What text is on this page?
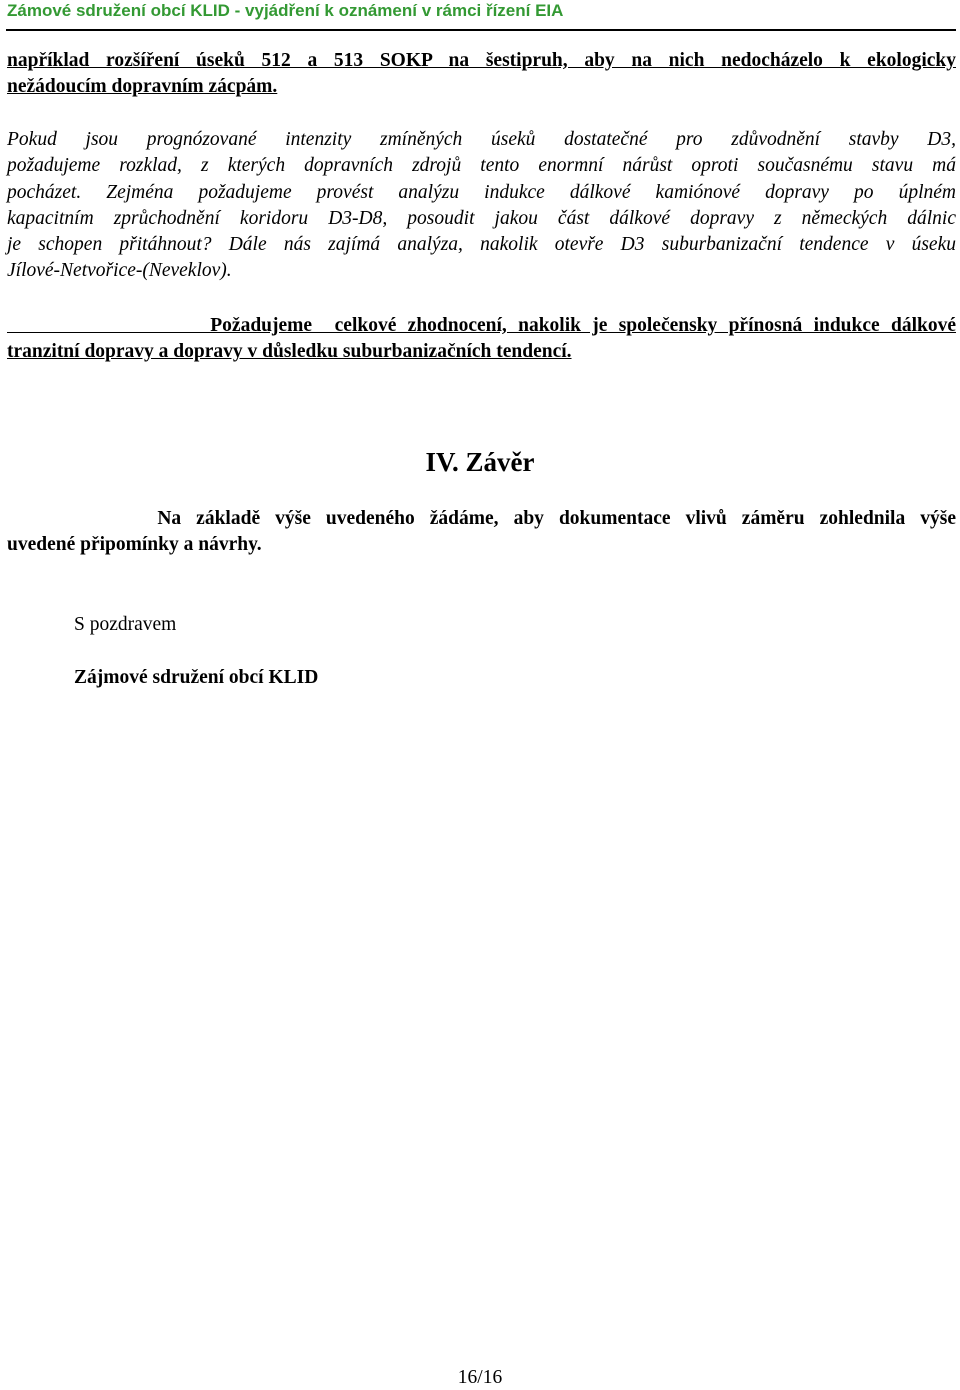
Zámové sdružení obcí KLID - vyjádření k oznámení v rámci řízení EIA
například rozšíření úseků 512 a 513 SOKP na šestipruh, aby na nich nedocházelo k ekologicky
nežádoucím dopravním zácpám.
Pokud jsou prognózované intenzity zmíněných úseků dostatečné pro zdůvodnění stavby D3,
požadujeme rozklad, z kterých dopravních zdrojů tento enormní nárůst oproti současnému stavu má
pocházet. Zejména požadujeme provést analýzu indukce dálkové kamiónové dopravy po úplném
kapacitním zprůchodnění koridoru D3-D8, posoudit jakou část dálkové dopravy z německých dálnic
je schopen přitáhnout? Dále nás zajímá analýza, nakolik otevře D3 suburbanizační tendence v úseku
Jílové-Netvořice-(Neveklov).
Požadujeme  celkové zhodnocení, nakolik je společensky přínosná indukce dálkové
tranzitní dopravy a dopravy v důsledku suburbanizačních tendencí.
IV. Závěr
Na základě výše uvedeného žádáme, aby dokumentace vlivů záměru zohlednila výše
uvedené připomínky a návrhy.
S pozdravem
Zájmové sdružení obcí KLID
16/16
